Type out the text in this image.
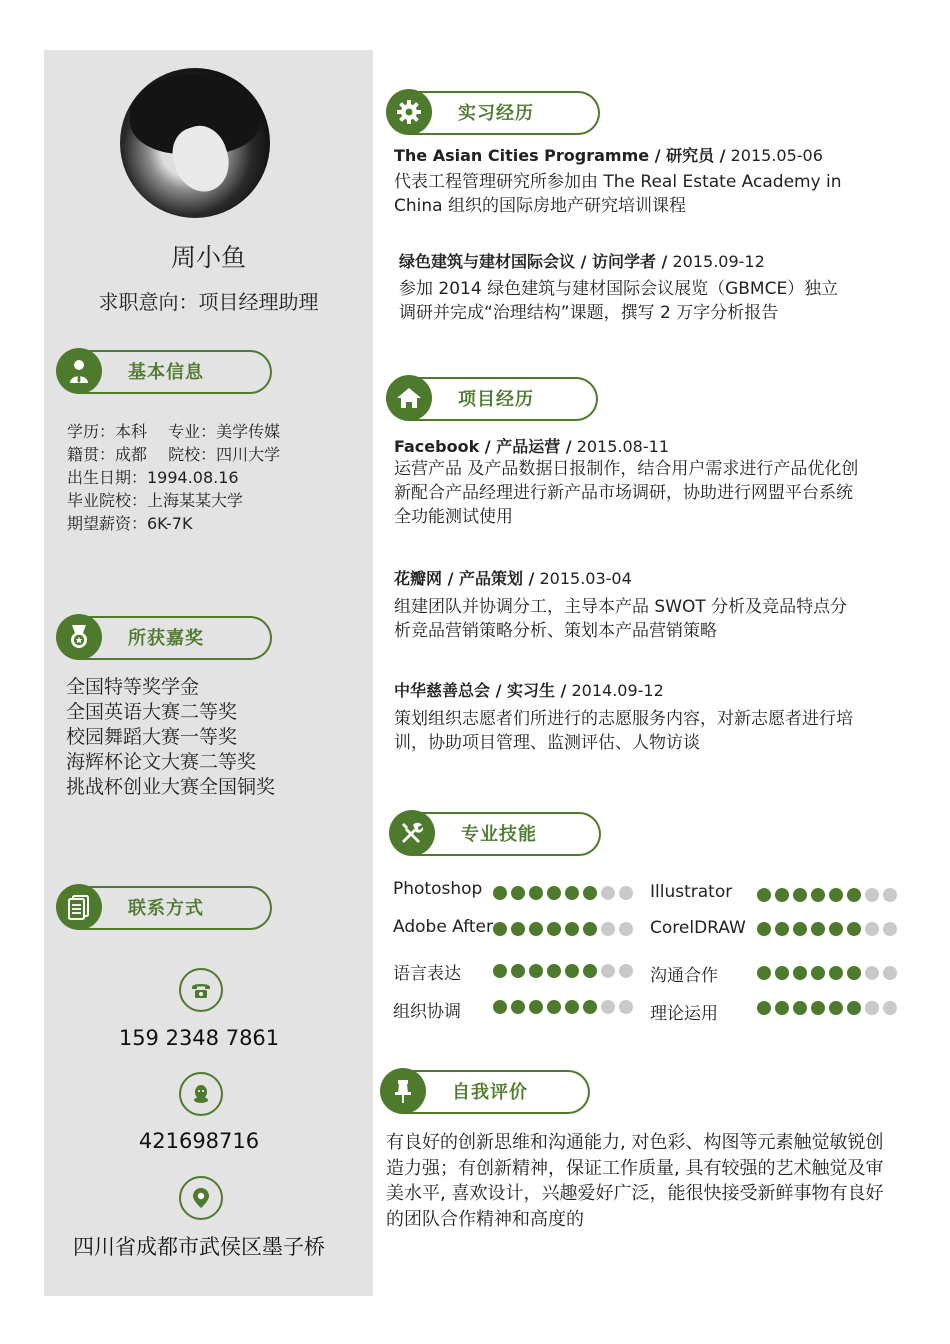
周小鱼
求职意向：项目经理助理
基本信息
学历：本科　 专业：美学传媒
籍贯：成都　 院校：四川大学
出生日期：1994.08.16
毕业院校：上海某某大学
期望薪资：6K-7K
所获嘉奖
全国特等奖学金
全国英语大赛二等奖
校园舞蹈大赛一等奖
海辉杯论文大赛二等奖
挑战杯创业大赛全国铜奖
联系方式
159 2348 7861
421698716
四川省成都市武侯区墨子桥
实习经历
The Asian Cities Programme / 研究员 / 2015.05-06
代表工程管理研究所参加由 The Real Estate Academy in China 组织的国际房地产研究培训课程
绿色建筑与建材国际会议 / 访问学者 / 2015.09-12
参加 2014 绿色建筑与建材国际会议展览（GBMCE）独立调研并完成“治理结构”课题，撰写 2 万字分析报告
项目经历
Facebook / 产品运营 / 2015.08-11
运营产品 及产品数据日报制作，结合用户需求进行产品优化创新配合产品经理进行新产品市场调研，协助进行网盟平台系统全功能测试使用
花瓣网 / 产品策划 / 2015.03-04
组建团队并协调分工，主导本产品 SWOT 分析及竞品特点分析竞品营销策略分析、策划本产品营销策略
中华慈善总会 / 实习生 / 2014.09-12
策划组织志愿者们所进行的志愿服务内容，对新志愿者进行培训，协助项目管理、监测评估、人物访谈
专业技能
Photoshop	Illustrator
Adobe After	CorelDRAW
语言表达	沟通合作
组织协调	理论运用
自我评价
有良好的创新思维和沟通能力, 对色彩、构图等元素触觉敏锐创造力强；有创新精神，保证工作质量, 具有较强的艺术触觉及审美水平, 喜欢设计，兴趣爱好广泛，能很快接受新鲜事物有良好的团队合作精神和高度的
